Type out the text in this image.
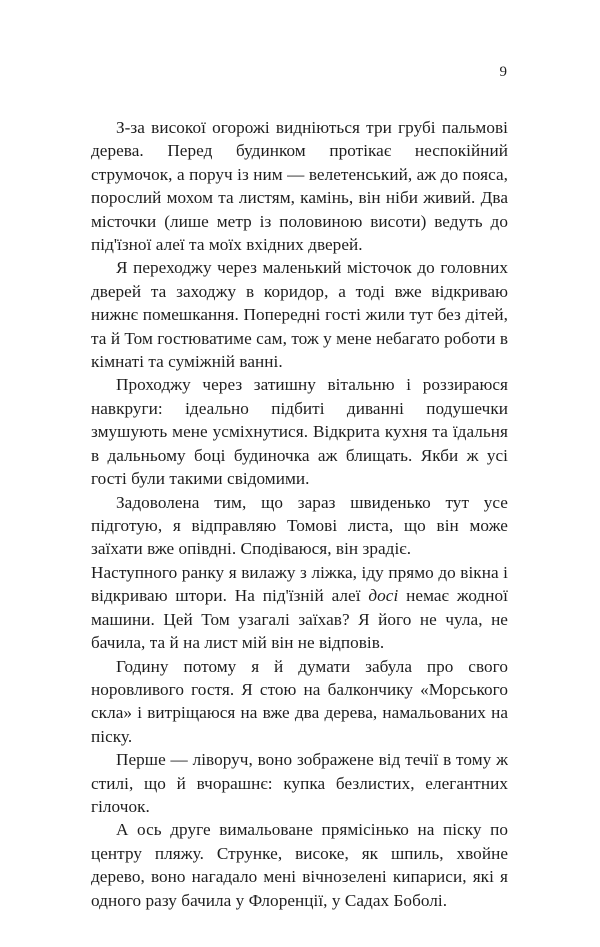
9

З-за високої огорожі видніються три грубі пальмові дерева. Перед будинком протікає неспокійний струмочок, а поруч із ним — велетенський, аж до пояса, порослий мохом та листям, камінь, він ніби живий. Два місточки (лише метр із половиною висоти) ведуть до під'їзної алеї та моїх вхідних дверей.

Я переходжу через маленький місточок до головних дверей та заходжу в коридор, а тоді вже відкриваю нижнє помешкання. Попередні гості жили тут без дітей, та й Том гостюватиме сам, тож у мене небагато роботи в кімнаті та суміжній ванні.

Проходжу через затишну вітальню і роззираюся навкруги: ідеально підбиті диванні подушечки змушують мене усміхнутися. Відкрита кухня та їдальня в дальньому боці будиночка аж блищать. Якби ж усі гості були такими свідомими.

Задоволена тим, що зараз швиденько тут усе підготую, я відправляю Томові листа, що він може заїхати вже опівдні. Сподіваюся, він зрадіє.

Наступного ранку я вилажу з ліжка, іду прямо до вікна і відкриваю штори. На під'їзній алеї досі немає жодної машини. Цей Том узагалі заїхав? Я його не чула, не бачила, та й на лист мій він не відповів.

Годину потому я й думати забула про свого норовливого гостя. Я стою на балкончику «Морського скла» і витріщаюся на вже два дерева, намальованих на піску.

Перше — ліворуч, воно зображене від течії в тому ж стилі, що й вчорашнє: купка безлистих, елегантних гілочок.

А ось друге вимальоване прямісінько на піску по центру пляжу. Струнке, високе, як шпиль, хвойне дерево, воно нагадало мені вічнозелені кипариси, які я одного разу бачила у Флоренції, у Садах Боболі.
